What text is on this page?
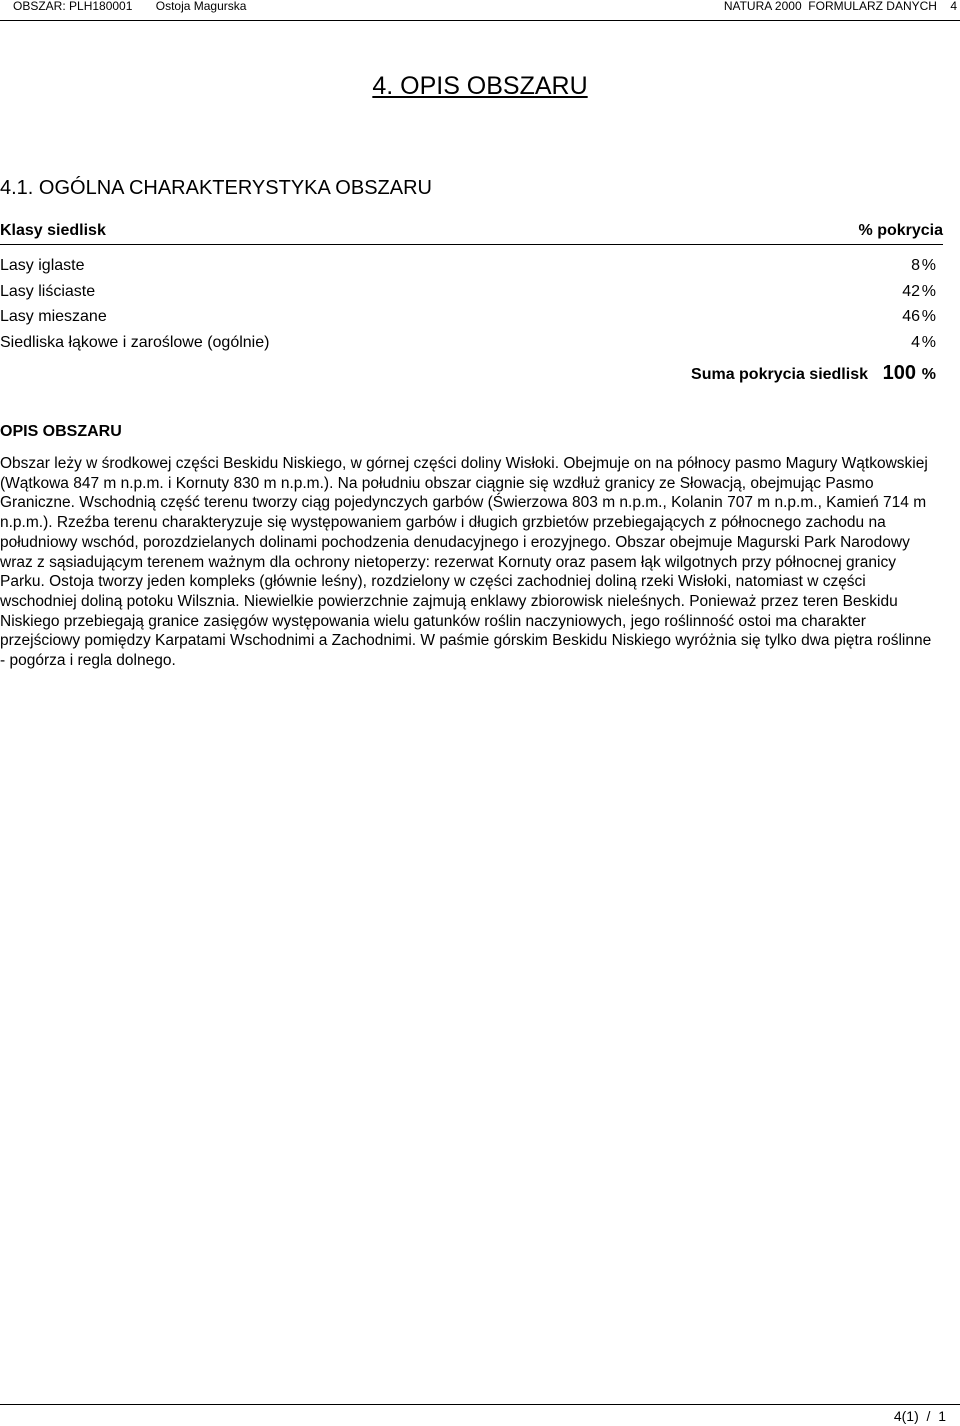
OBSZAR: PLH180001 Ostoja Magurska	NATURA 2000  FORMULARZ DANYCH 4
4. OPIS OBSZARU
4.1. OGÓLNA CHARAKTERYSTYKA OBSZARU
Klasy siedlisk	% pokrycia
Lasy iglaste	8 %
Lasy liściaste	42 %
Lasy mieszane	46 %
Siedliska łąkowe i zaroślowe (ogólnie)	4 %
Suma pokrycia siedlisk 100 %
OPIS OBSZARU

Obszar leży w środkowej części Beskidu Niskiego, w górnej części doliny Wisłoki. Obejmuje on na północy pasmo Magury Wątkowskiej (Wątkowa 847 m n.p.m. i Kornuty 830 m n.p.m.). Na południu obszar ciągnie się wzdłuż granicy ze Słowacją, obejmując Pasmo Graniczne. Wschodnią część terenu tworzy ciąg pojedynczych garbów (Świerzowa 803 m n.p.m., Kolanin 707 m n.p.m., Kamień 714 m n.p.m.). Rzeźba terenu charakteryzuje się występowaniem garbów i długich grzbietów przebiegających z północnego zachodu na południowy wschód, porozdzielanych dolinami pochodzenia denudacyjnego i erozyjnego. Obszar obejmuje Magurski Park Narodowy wraz z sąsiadującym terenem ważnym dla ochrony nietoperzy: rezerwat Kornuty oraz pasem łąk wilgotnych przy północnej granicy Parku. Ostoja tworzy jeden kompleks (głównie leśny), rozdzielony w części zachodniej doliną rzeki Wisłoki, natomiast w części wschodniej doliną potoku Wilsznia. Niewielkie powierzchnie zajmują enklawy zbiorowisk nieleśnych. Ponieważ przez teren Beskidu Niskiego przebiegają granice zasięgów występowania wielu gatunków roślin naczyniowych, jego roślinność ostoi ma charakter przejściowy pomiędzy Karpatami Wschodnimi a Zachodnimi. W paśmie górskim Beskidu Niskiego wyróżnia się tylko dwa piętra roślinne - pogórza i regla dolnego.

4(1)  /  1
